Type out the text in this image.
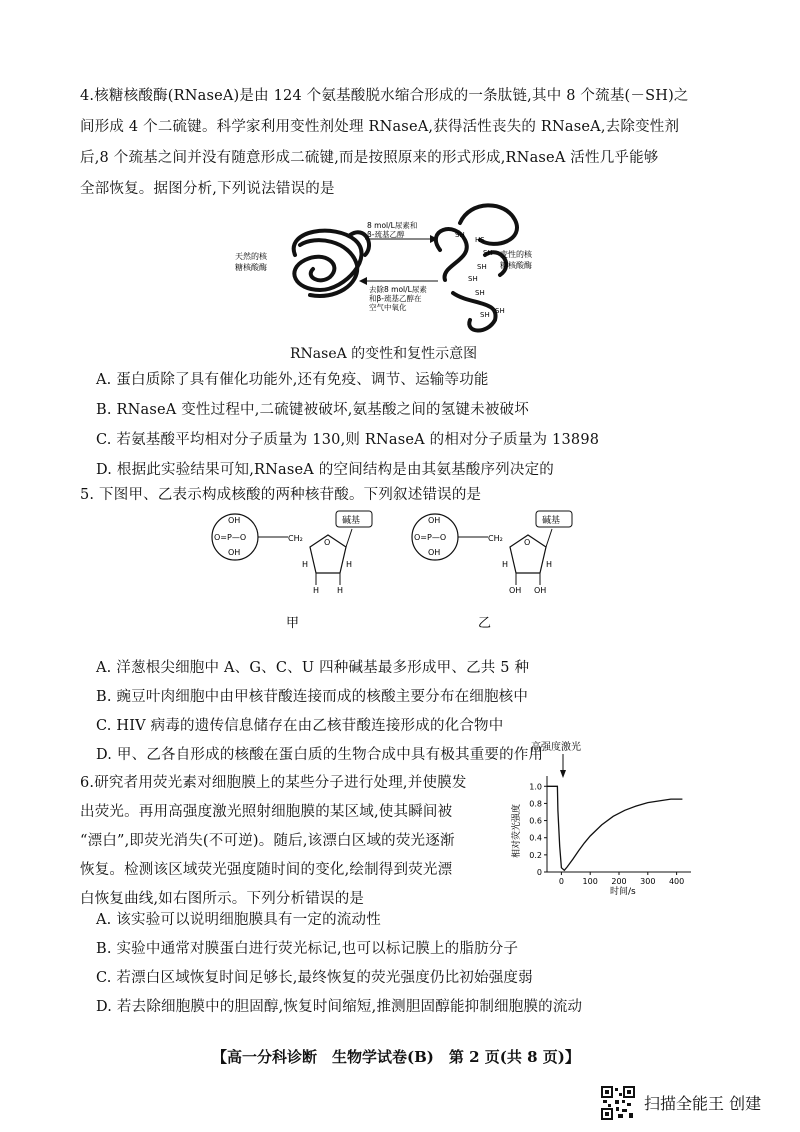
4.核糖核酸酶(RNaseA)是由 124 个氨基酸脱水缩合形成的一条肽链,其中 8 个巯基(－SH)之
间形成 4 个二硫键。科学家利用变性剂处理 RNaseA,获得活性丧失的 RNaseA,去除变性剂
后,8 个巯基之间并没有随意形成二硫键,而是按照原来的形式形成,RNaseA 活性几乎能够
全部恢复。据图分析,下列说法错误的是
天然的核
糖核酸酶
8 mol/L尿素和
β-巯基乙醇
去除8 mol/L尿素
和β-巯基乙醇在
空气中氧化
SH
HS
SH
SH
SH
SH
SH SH
变性的核
糖核酸酶
RNaseA 的变性和复性示意图
A. 蛋白质除了具有催化功能外,还有免疫、调节、运输等功能
B. RNaseA 变性过程中,二硫键被破坏,氨基酸之间的氢键未被破坏
C. 若氨基酸平均相对分子质量为 130,则 RNaseA 的相对分子质量为 13898
D. 根据此实验结果可知,RNaseA 的空间结构是由其氨基酸序列决定的
5. 下图甲、乙表示构成核酸的两种核苷酸。下列叙述错误的是
OH
O=P—O
OH
CH₂	O
碱基
H	H
H H
甲
OH
O=P—O
OH
CH₂	O
碱基
H	H
OH OH
乙
A. 洋葱根尖细胞中 A、G、C、U 四种碱基最多形成甲、乙共 5 种
B. 豌豆叶肉细胞中由甲核苷酸连接而成的核酸主要分布在细胞核中
C. HIV 病毒的遗传信息储存在由乙核苷酸连接形成的化合物中
D. 甲、乙各自形成的核酸在蛋白质的生物合成中具有极其重要的作用
6.研究者用荧光素对细胞膜上的某些分子进行处理,并使膜发
出荧光。再用高强度激光照射细胞膜的某区域,使其瞬间被
“漂白”,即荧光消失(不可逆)。随后,该漂白区域的荧光逐渐
恢复。检测该区域荧光强度随时间的变化,绘制得到荧光漂
白恢复曲线,如右图所示。下列分析错误的是
高强度激光
相对荧光强度
0 100 200 300 400
0
0.2
0.4
0.6
0.8
1.0
时间/s
A. 该实验可以说明细胞膜具有一定的流动性
B. 实验中通常对膜蛋白进行荧光标记,也可以标记膜上的脂肪分子
C. 若漂白区域恢复时间足够长,最终恢复的荧光强度仍比初始强度弱
D. 若去除细胞膜中的胆固醇,恢复时间缩短,推测胆固醇能抑制细胞膜的流动
【高一分科诊断　生物学试卷(B)　第 2 页(共 8 页)】
扫描全能王 创建
